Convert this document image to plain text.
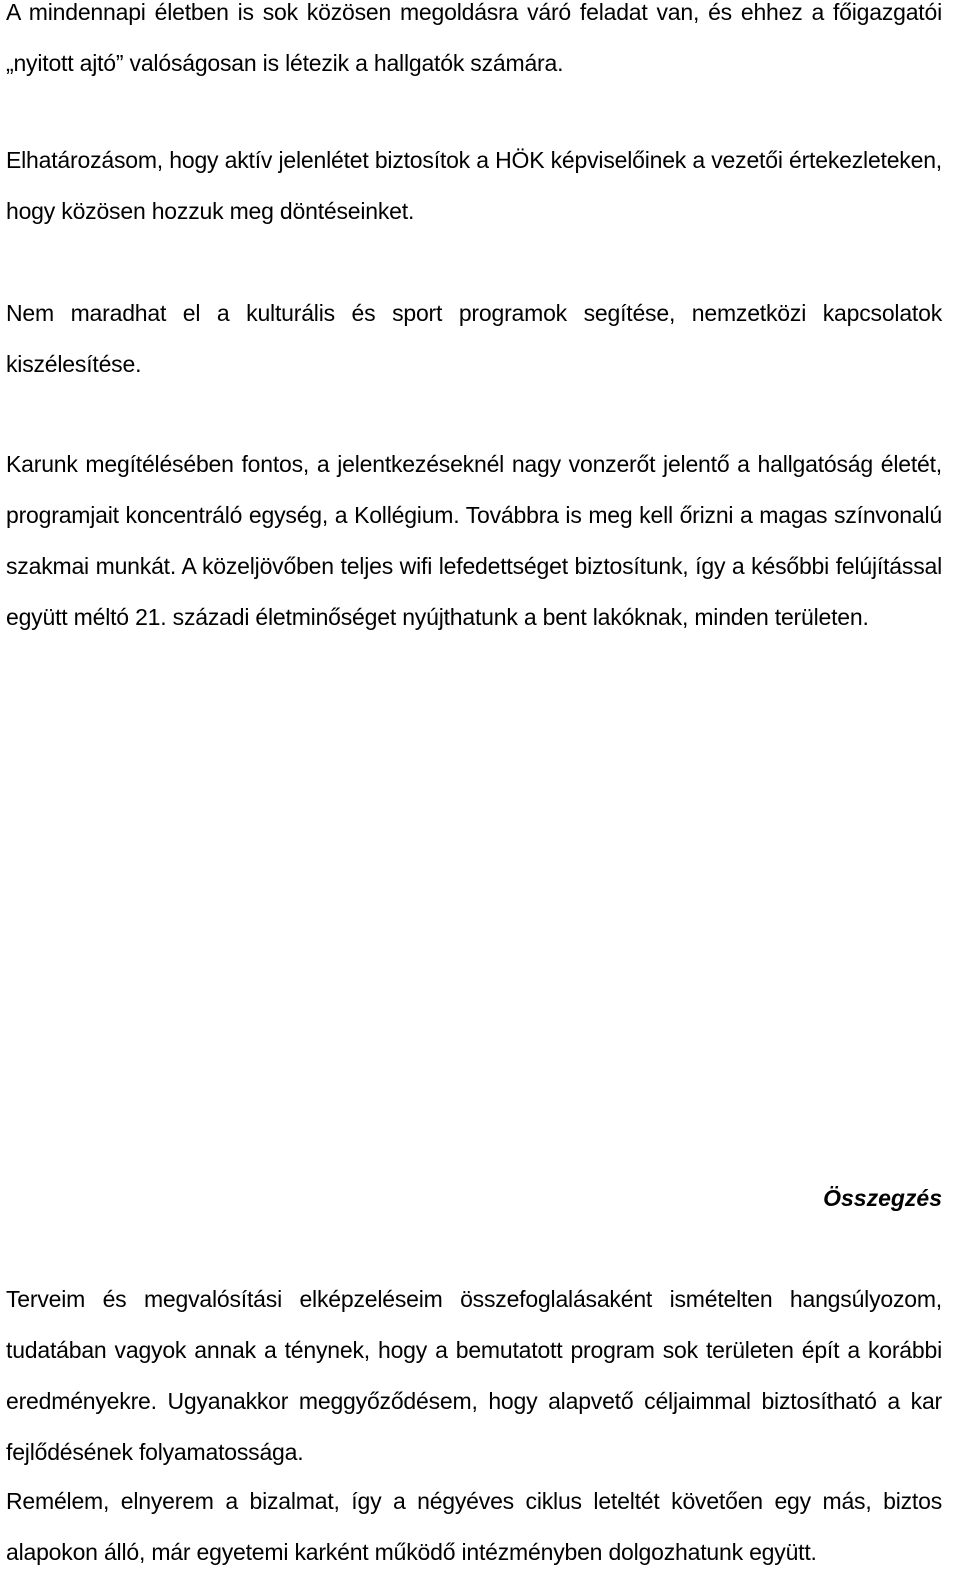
A mindennapi életben is sok közösen megoldásra váró feladat van, és ehhez a főigazgatói „nyitott ajtó” valóságosan is létezik a hallgatók számára.

Elhatározásom, hogy aktív jelenlétet biztosítok a HÖK képviselőinek a vezetői értekezleteken, hogy közösen hozzuk meg döntéseinket.

Nem maradhat el a kulturális és sport programok segítése, nemzetközi kapcsolatok kiszélesítése.

Karunk megítélésében fontos, a jelentkezéseknél nagy vonzerőt jelentő a hallgatóság életét, programjait koncentráló egység, a Kollégium. Továbbra is meg kell őrizni a magas színvonalú szakmai munkát. A közeljövőben teljes wifi lefedettséget biztosítunk, így a későbbi felújítással együtt méltó 21. századi életminőséget nyújthatunk a bent lakóknak, minden területen.

Összegzés

Terveim és megvalósítási elképzeléseim összefoglalásaként ismételten hangsúlyozom, tudatában vagyok annak a ténynek, hogy a bemutatott program sok területen épít a korábbi eredményekre. Ugyanakkor meggyőződésem, hogy alapvető céljaimmal biztosítható a kar fejlődésének folyamatossága.

Remélem, elnyerem a bizalmat, így a négyéves ciklus leteltét követően egy más, biztos alapokon álló, már egyetemi karként működő intézményben dolgozhatunk együtt.
